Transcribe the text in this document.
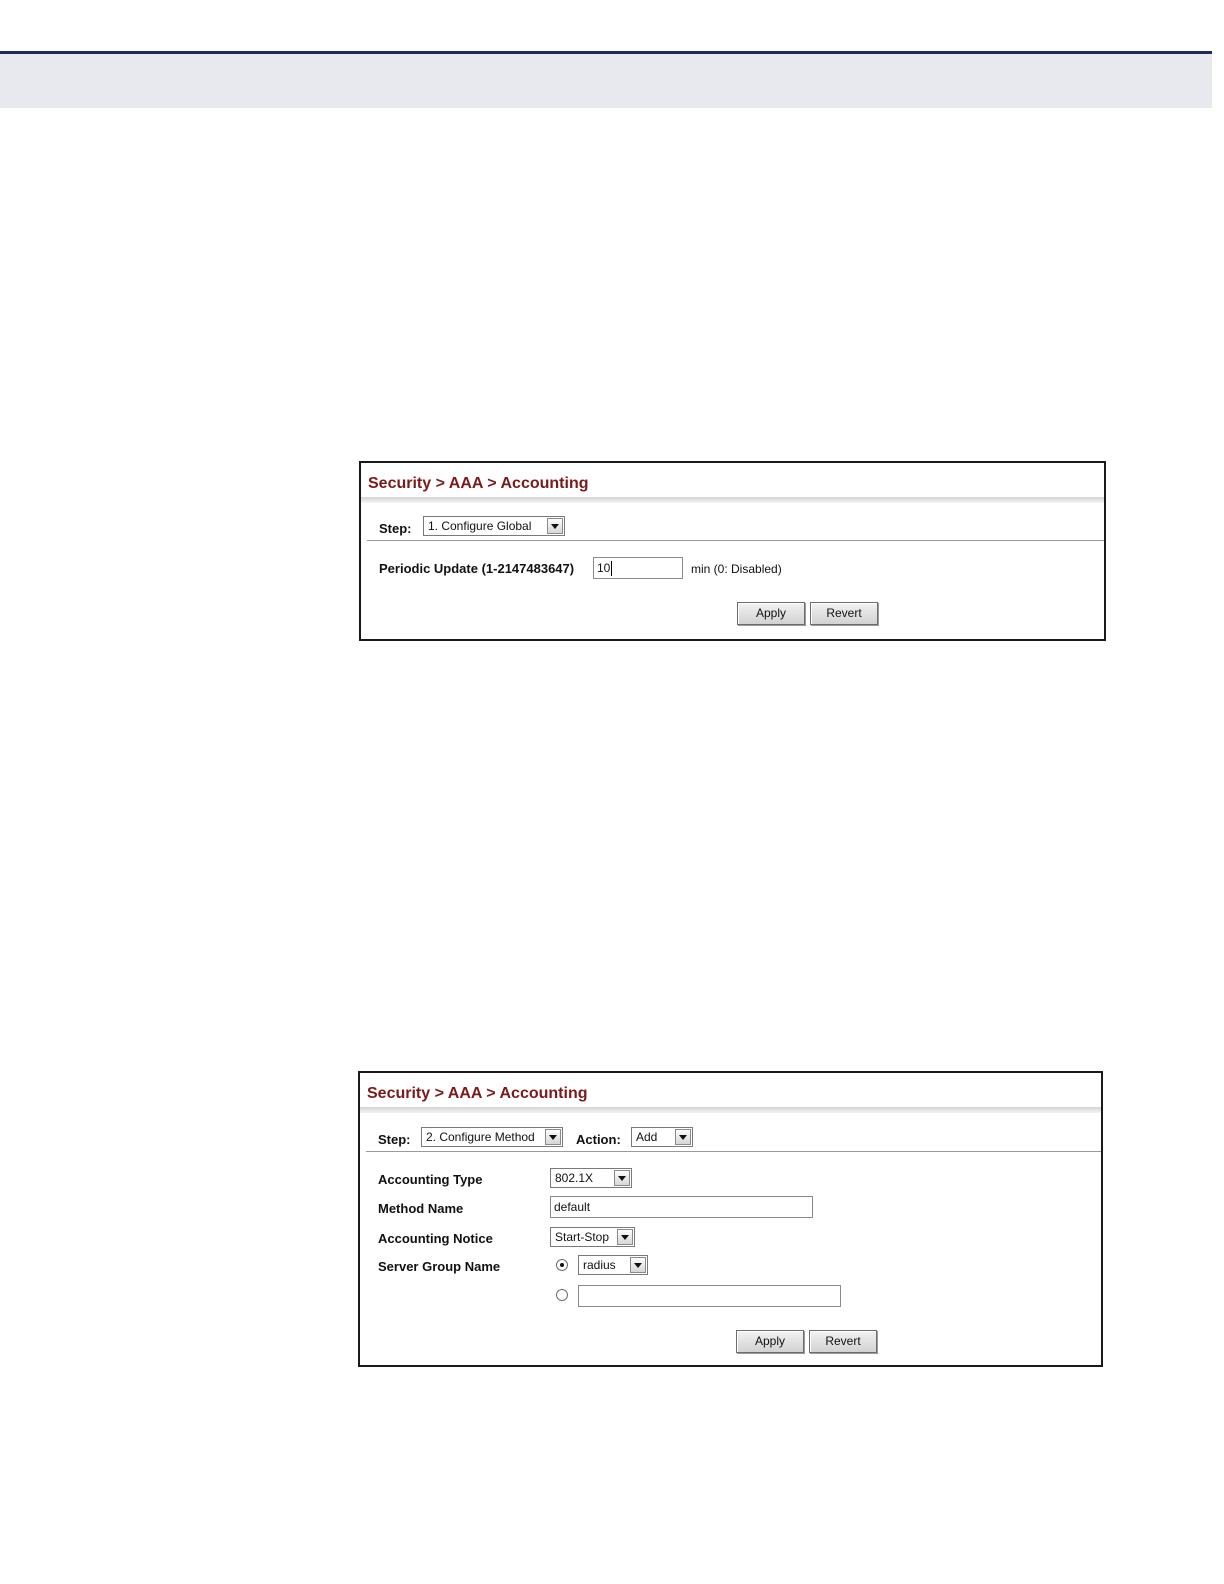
Security > AAA > Accounting
Step: 1. Configure Global
Periodic Update (1-2147483647) 10	min (0: Disabled)
Apply	Revert
Security > AAA > Accounting
Step: 2. Configure Method	Action: Add
Accounting Type	802.1X
Method Name	default
Accounting Notice	Start-Stop
Server Group Name	radius
Apply	Revert
